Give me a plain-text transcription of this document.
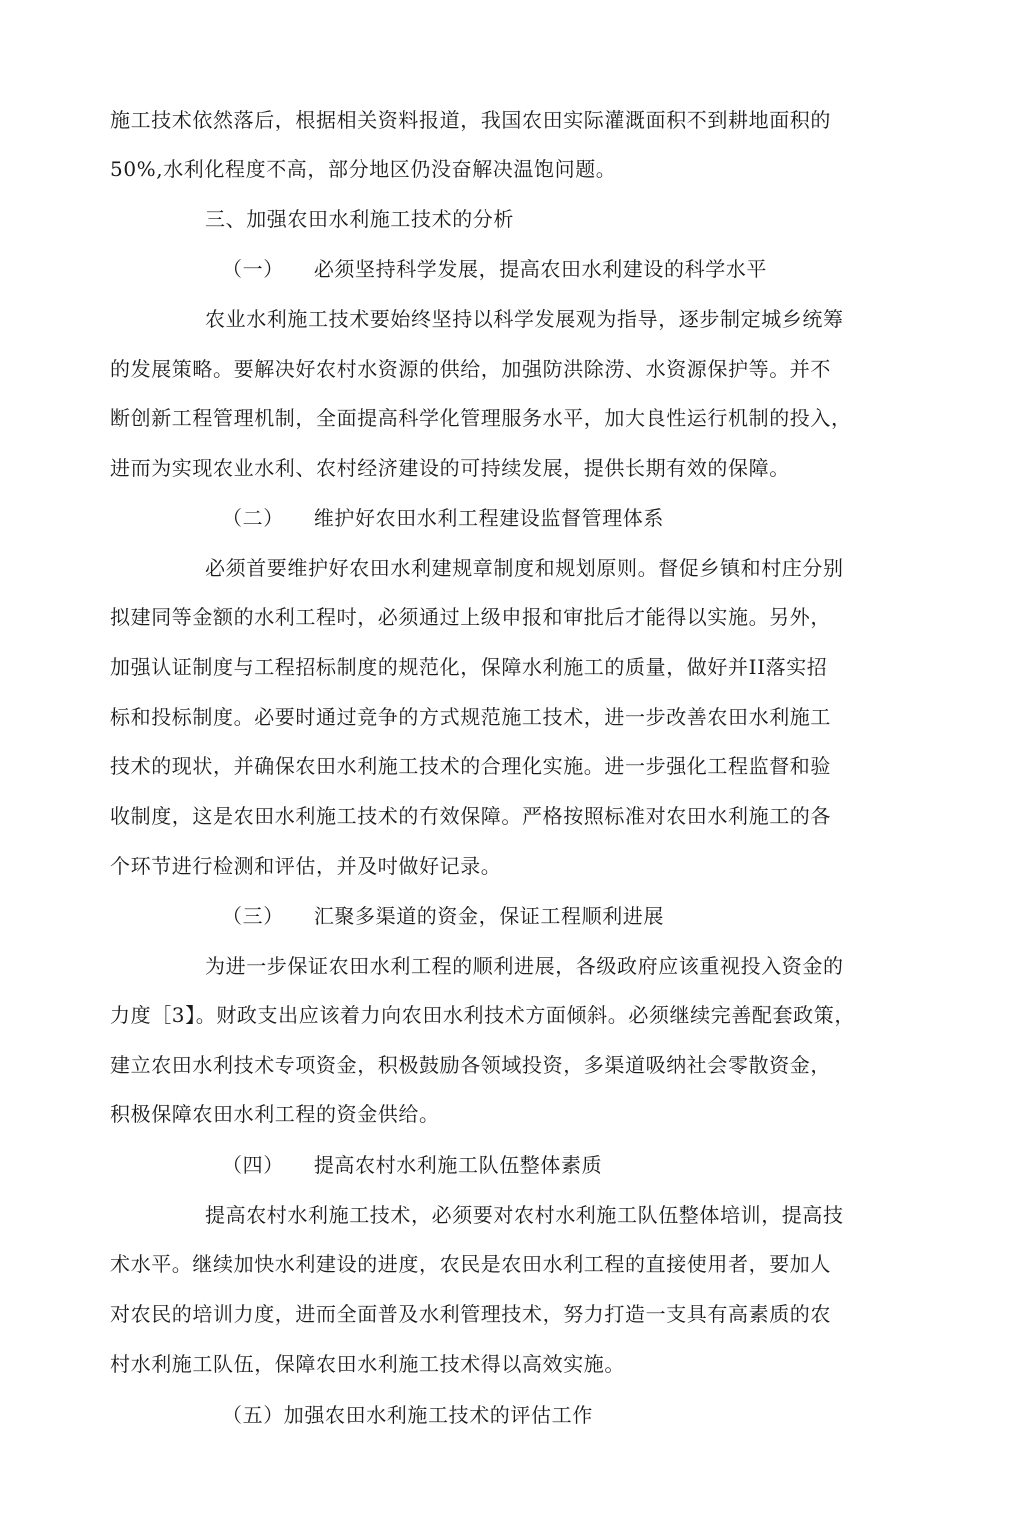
施工技术依然落后，根据相关资料报道，我国农田实际灌溉面积不到耕地面积的
50%,水利化程度不高，部分地区仍没奋解决温饱问题。
三、加强农田水利施工技术的分析
（一） 必须坚持科学发展，提高农田水利建设的科学水平
农业水利施工技术要始终坚持以科学发展观为指导，逐步制定城乡统筹
的发展策略。要解决好农村水资源的供给，加强防洪除涝、水资源保护等。并不
断创新工程管理机制，全面提高科学化管理服务水平，加大良性运行机制的投入，
进而为实现农业水利、农村经济建设的可持续发展，提供长期有效的保障。
（二） 维护好农田水利工程建设监督管理体系
必须首要维护好农田水利建规章制度和规划原则。督促乡镇和村庄分别
拟建同等金额的水利工程吋，必须通过上级申报和审批后才能得以实施。另外，
加强认证制度与工程招标制度的规范化，保障水利施工的质量，做好并II落实招
标和投标制度。必要时通过竞争的方式规范施工技术，进一步改善农田水利施工
技术的现状，并确保农田水利施工技术的合理化实施。进一步强化工程监督和验
收制度，这是农田水利施工技术的冇效保障。严格按照标准对农田水利施工的各
个环节进行检测和评估，并及吋做好记录。
（三） 汇聚多渠道的资金，保证工程顺利进展
为进一步保证农田水利工程的顺利进展，各级政府应该重视投入资金的
力度［3】。财政支出应该着力向农田水利技术方面倾斜。必须继续完善配套政策，
建立农田水利技术专项资金，积极鼓励各领域投资，多渠道吸纳社会零散资金，
积极保障农田水利工程的资金供给。
（四） 提高农村水利施工队伍整体素质
提高农村水利施工技术，必须要对农村水利施工队伍整体培训，提高技
术水平。继续加快水利建设的进度，农民是农田水利工程的直接使用者，要加人
对农民的培训力度，进而全面普及水利管理技术，努力打造一支具有高素质的农
村水利施工队伍，保障农田水利施工技术得以高效实施。
（五）加强农田水利施工技术的评估工作
